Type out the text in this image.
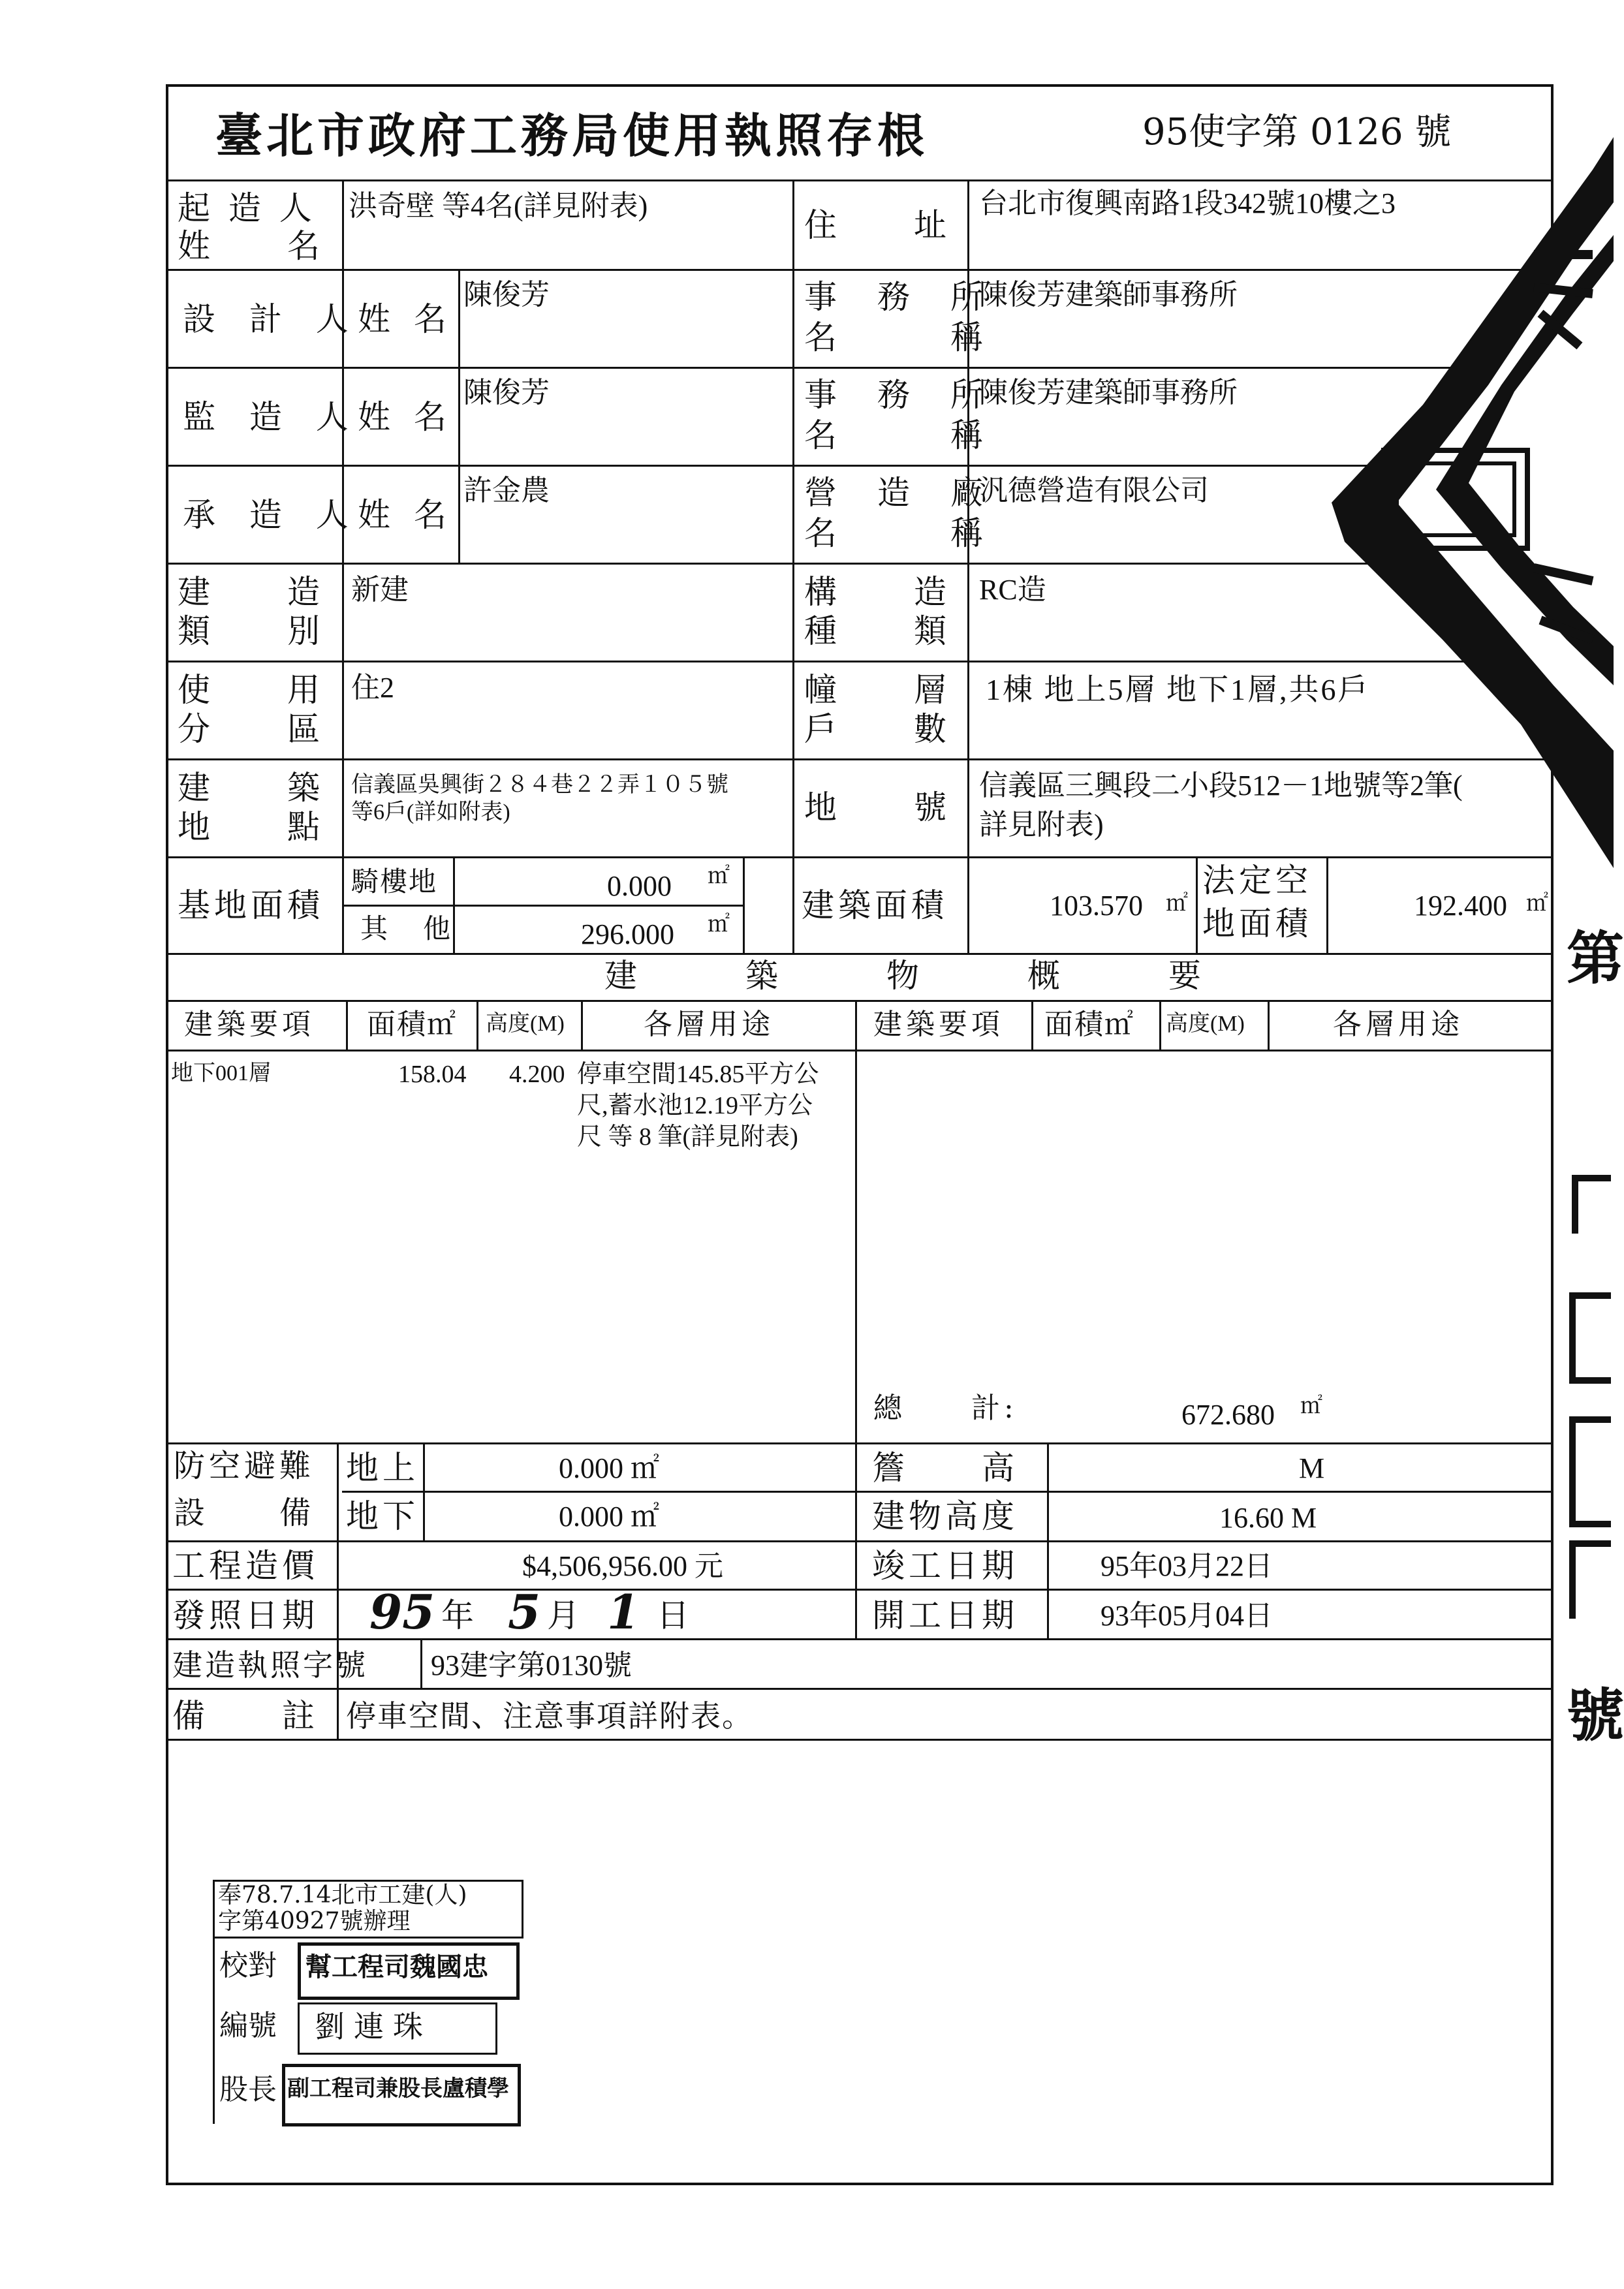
臺北市政府工務局使用執照存根	95使字第 0126 號
起 造 人
姓　　名
洪奇壁 等4名(詳見附表)
住　　址
台北市復興南路1段342號10樓之3
設 計 人
姓 名
陳俊芳	事　務　所
名　　　稱
陳俊芳建築師事務所
監 造 人
姓 名
陳俊芳	事　務　所
名　　　稱
陳俊芳建築師事務所
承 造 人
姓 名
許金農	營　造　廠
名　　　稱
汎德營造有限公司
建　　造
類　　別
新建	構　　造
種　　類
RC造
使　　用
分　　區
住2	幢　　層
戶　　數
1棟 地上5層 地下1層,共6戶
建　　築
地　　點
信義區吳興街２８４巷２２弄１０５號
等6戶(詳如附表)	地　　號
信義區三興段二小段512－1地號等2筆(
詳見附表)
基地面積
騎樓地	0.000 ㎡
其　他	296.000 ㎡
建築面積	103.570 ㎡
法定空
地面積	192.400 ㎡
建　　築　　物　　概　　要
建築要項 面積㎡ 高度(M)	各層用途	建築要項 面積㎡ 高度(M)	各層用途
地下001層	158.04 4.200 停車空間145.85平方公
尺,蓄水池12.19平方公
尺 等 8 筆(詳見附表)
總　　計:	672.680 ㎡
防空避難
設　　備
地上	0.000 ㎡
地下	0.000 ㎡
簷　　高	M
建物高度	16.60 M
工程造價	$4,506,956.00 元	竣工日期	95年03月22日
發照日期 95 年 5 月 1 日	開工日期	93年05月04日
建造執照字號 93建字第0130號
備　　註 停車空間、注意事項詳附表。
奉78.7.14北市工建(人)
字第40927號辦理
校對 幫工程司魏國忠
編號 劉連珠
股長 副工程司兼股長盧積學
第
號
